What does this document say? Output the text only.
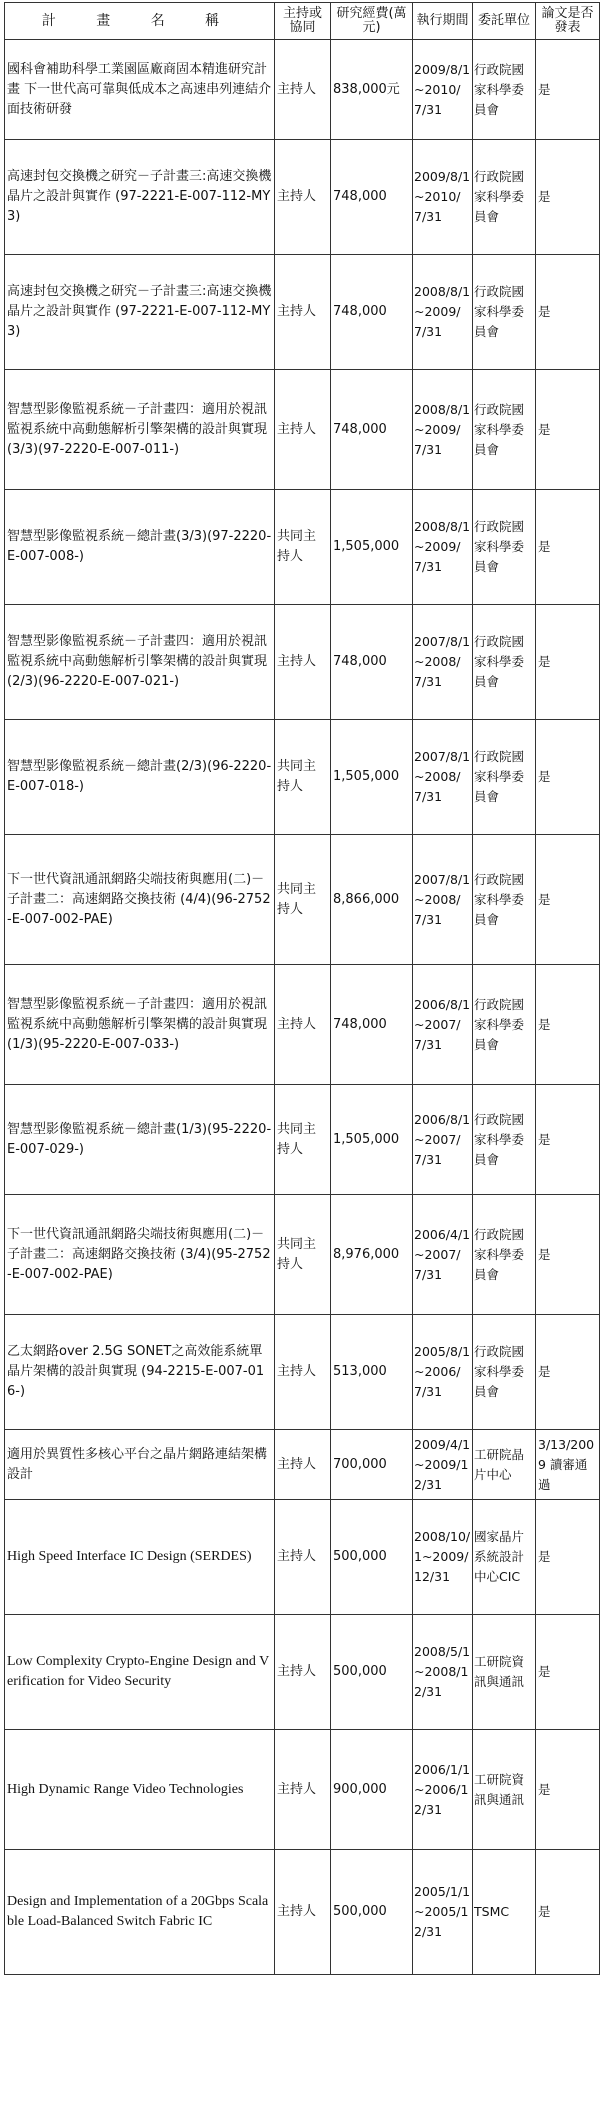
計 畫 名 稱	主持或協同	研究經費(萬元)	執行期間	委託單位	論文是否發表
國科會補助科學工業園區廠商固本精進研究計畫 下一世代高可靠與低成本之高速串列連結介面技術研發	主持人	838,000元	2009/8/1~2010/7/31	行政院國家科學委員會	是
高速封包交換機之研究－子計畫三:高速交換機晶片之設計與實作 (97-2221-E-007-112-MY3)	主持人	748,000	2009/8/1~2010/7/31	行政院國家科學委員會	是
高速封包交換機之研究－子計畫三:高速交換機晶片之設計與實作 (97-2221-E-007-112-MY3)	主持人	748,000	2008/8/1~2009/7/31	行政院國家科學委員會	是
智慧型影像監視系統－子計畫四：適用於視訊監視系統中高動態解析引擎架構的設計與實現 (3/3)(97-2220-E-007-011-)	主持人	748,000	2008/8/1~2009/7/31	行政院國家科學委員會	是
智慧型影像監視系統－總計畫(3/3)(97-2220-E-007-008-)	共同主持人	1,505,000	2008/8/1~2009/7/31	行政院國家科學委員會	是
智慧型影像監視系統－子計畫四：適用於視訊監視系統中高動態解析引擎架構的設計與實現 (2/3)(96-2220-E-007-021-)	主持人	748,000	2007/8/1~2008/7/31	行政院國家科學委員會	是
智慧型影像監視系統－總計畫(2/3)(96-2220-E-007-018-)	共同主持人	1,505,000	2007/8/1~2008/7/31	行政院國家科學委員會	是
下一世代資訊通訊網路尖端技術與應用(二)－子計畫二：高速網路交換技術 (4/4)(96-2752-E-007-002-PAE)	共同主持人	8,866,000	2007/8/1~2008/7/31	行政院國家科學委員會	是
智慧型影像監視系統－子計畫四：適用於視訊監視系統中高動態解析引擎架構的設計與實現 (1/3)(95-2220-E-007-033-)	主持人	748,000	2006/8/1~2007/7/31	行政院國家科學委員會	是
智慧型影像監視系統－總計畫(1/3)(95-2220-E-007-029-)	共同主持人	1,505,000	2006/8/1~2007/7/31	行政院國家科學委員會	是
下一世代資訊通訊網路尖端技術與應用(二)－子計畫二：高速網路交換技術 (3/4)(95-2752-E-007-002-PAE)	共同主持人	8,976,000	2006/4/1~2007/7/31	行政院國家科學委員會	是
乙太網路over 2.5G SONET之高效能系統單晶片架構的設計與實現 (94-2215-E-007-016-)	主持人	513,000	2005/8/1~2006/7/31	行政院國家科學委員會	是
適用於異質性多核心平台之晶片網路連結架構設計	主持人	700,000	2009/4/1~2009/12/31	工研院晶片中心	3/13/2009 讀審通過
High Speed Interface IC Design (SERDES)	主持人	500,000	2008/10/1~2009/12/31	國家晶片系統設計中心CIC	是
Low Complexity Crypto-Engine Design and Verification for Video Security	主持人	500,000	2008/5/1~2008/12/31	工研院資訊與通訊	是
High Dynamic Range Video Technologies	主持人	900,000	2006/1/1~2006/12/31	工研院資訊與通訊	是
Design and Implementation of a 20Gbps Scalable Load-Balanced Switch Fabric IC	主持人	500,000	2005/1/1~2005/12/31	TSMC	是
